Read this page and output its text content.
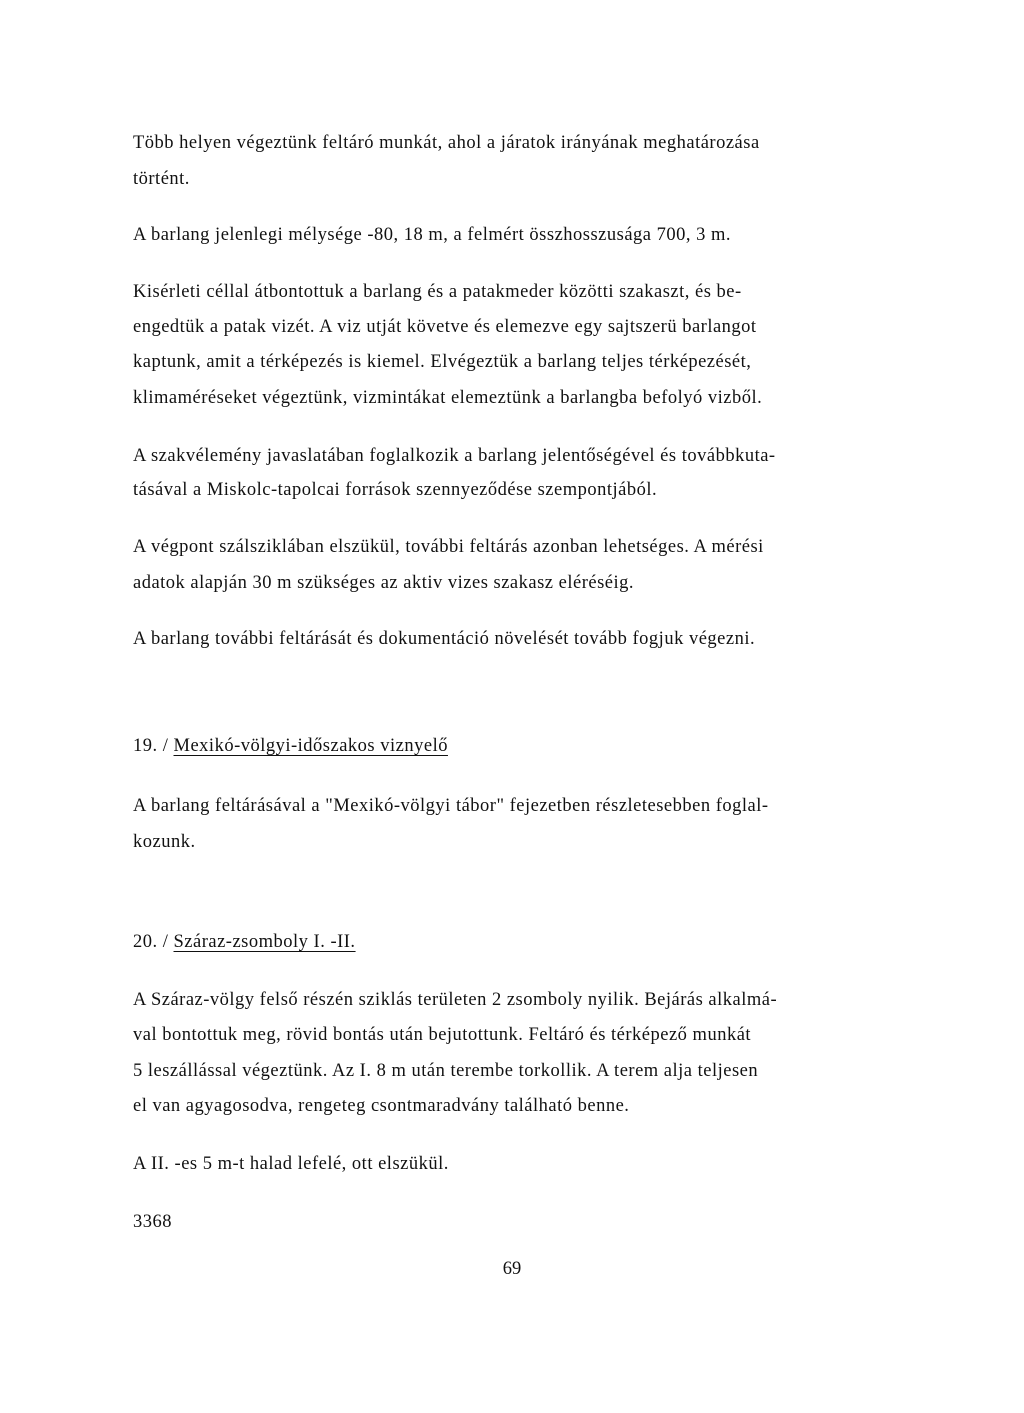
Több helyen végeztünk feltáró munkát, ahol a járatok irányának meghatározása
történt.
A barlang jelenlegi mélysége -80, 18 m, a felmért összhosszusága 700, 3 m.
Kisérleti céllal átbontottuk a barlang és a patakmeder közötti szakaszt, és be-
engedtük a patak vizét. A viz utját követve és elemezve egy sajtszerü barlangot
kaptunk, amit a térképezés is kiemel. Elvégeztük a barlang teljes térképezését,
klimaméréseket végeztünk, vizmintákat elemeztünk a barlangba befolyó vizből.
A szakvélemény javaslatában foglalkozik a barlang jelentőségével és továbbkuta-
tásával a Miskolc-tapolcai források szennyeződése szempontjából.
A végpont szálsziklában elszükül, további feltárás azonban lehetséges. A mérési
adatok alapján 30 m szükséges az aktiv vizes szakasz eléréséig.
A barlang további feltárását és dokumentáció növelését tovább fogjuk végezni.
19. / Mexikó-völgyi-időszakos viznyelő
A barlang feltárásával a "Mexikó-völgyi tábor" fejezetben részletesebben foglal-
kozunk.
20. / Száraz-zsomboly I. -II.
A Száraz-völgy felső részén sziklás területen 2 zsomboly nyilik. Bejárás alkalmá-
val bontottuk meg, rövid bontás után bejutottunk. Feltáró és térképező munkát
5 leszállással végeztünk. Az I. 8 m után terembe torkollik. A terem alja teljesen
el van agyagosodva, rengeteg csontmaradvány található benne.
A II. -es 5 m-t halad lefelé, ott elszükül.
3368
69
